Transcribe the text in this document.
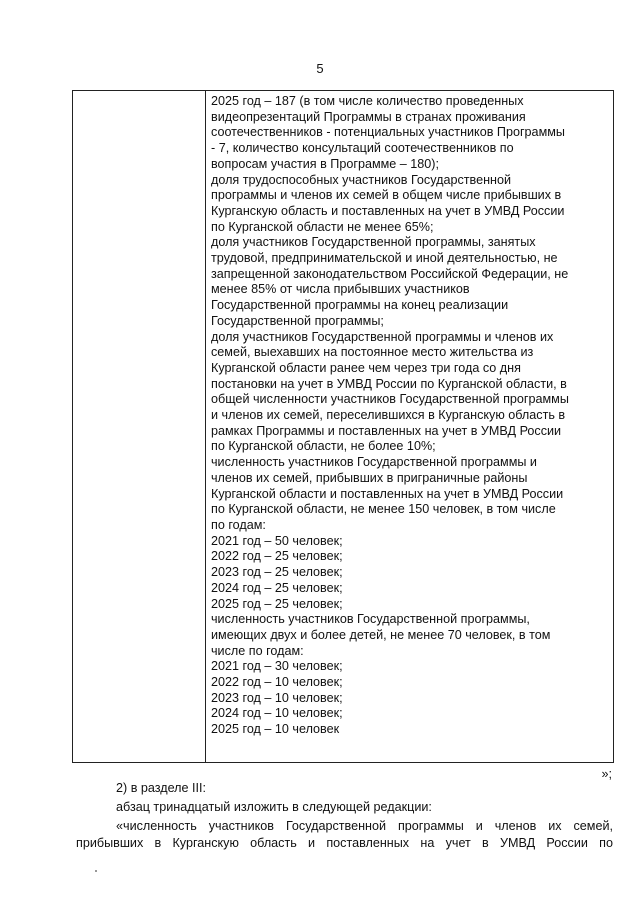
5
2025 год – 187 (в том числе количество проведенных
видеопрезентаций Программы в странах проживания
соотечественников - потенциальных участников Программы
- 7, количество консультаций соотечественников по
вопросам участия в Программе – 180);
доля трудоспособных участников Государственной
программы и членов их семей в общем числе прибывших в
Курганскую область и поставленных на учет в УМВД России
по Курганской области не менее 65%;
доля участников Государственной программы, занятых
трудовой, предпринимательской и иной деятельностью, не
запрещенной законодательством Российской Федерации, не
менее 85% от числа прибывших участников
Государственной программы на конец реализации
Государственной программы;
доля участников Государственной программы и членов их
семей, выехавших на постоянное место жительства из
Курганской области ранее чем через три года со дня
постановки на учет в УМВД России по Курганской области, в
общей численности участников Государственной программы
и членов их семей, переселившихся в Курганскую область в
рамках Программы и поставленных на учет в УМВД России
по Курганской области, не более 10%;
численность участников Государственной программы и
членов их семей, прибывших в приграничные районы
Курганской области и поставленных на учет в УМВД России
по Курганской области, не менее 150 человек, в том числе
по годам:
2021 год – 50 человек;
2022 год – 25 человек;
2023 год – 25 человек;
2024 год – 25 человек;
2025 год – 25 человек;
численность участников Государственной программы,
имеющих двух и более детей, не менее 70 человек, в том
числе по годам:
2021 год – 30 человек;
2022 год – 10 человек;
2023 год – 10 человек;
2024 год – 10 человек;
2025 год – 10 человек
»;
2) в разделе III:
абзац тринадцатый изложить в следующей редакции:
«численность участников Государственной программы и членов их семей,
прибывших в Курганскую область и поставленных на учет в УМВД России по
